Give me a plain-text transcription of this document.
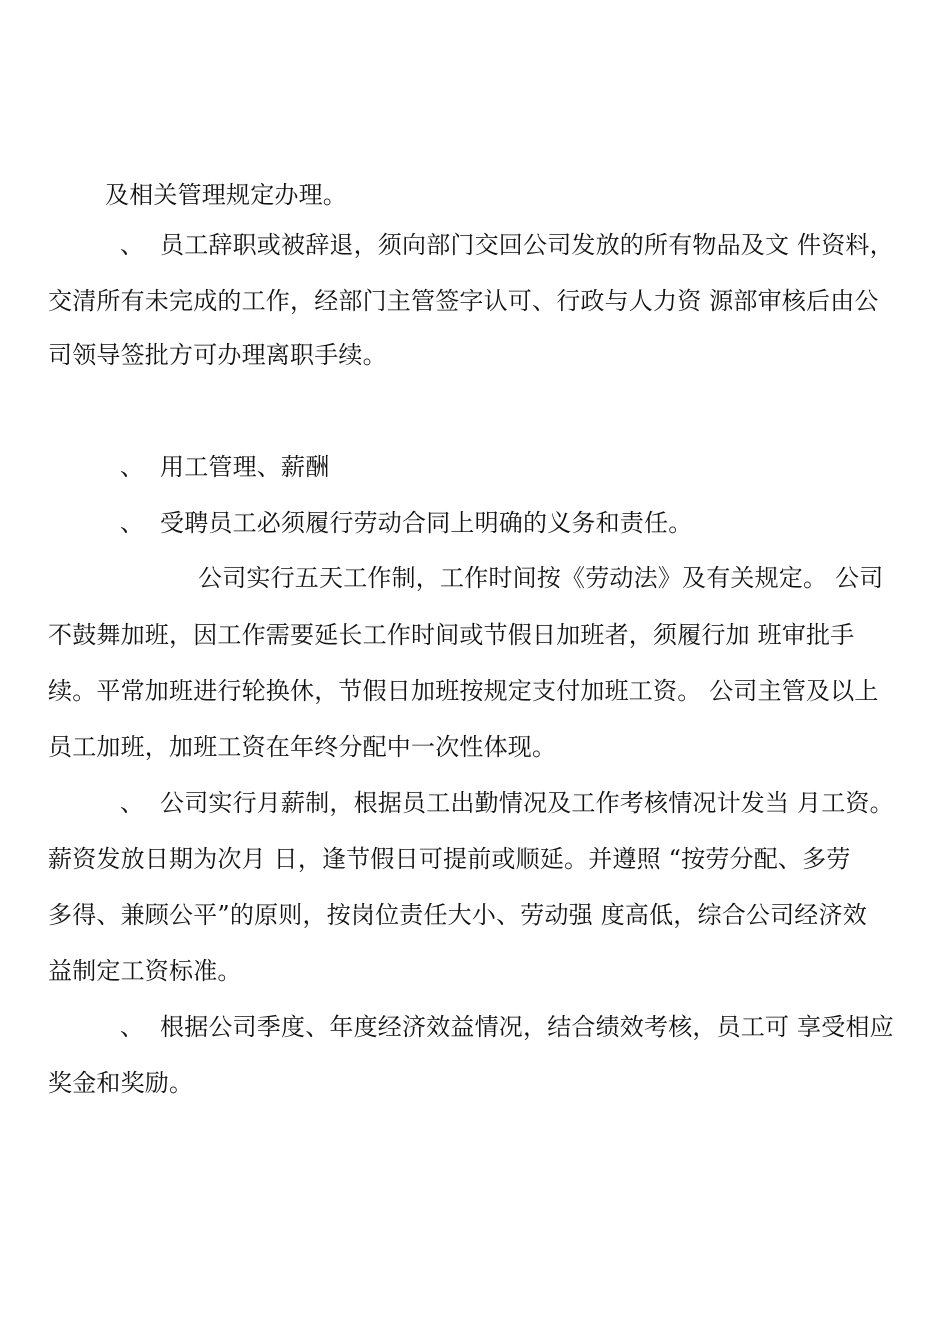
及相关管理规定办理。
、 员工辞职或被辞退，须向部门交回公司发放的所有物品及文 件资料，
交清所有未完成的工作，经部门主管签字认可、行政与人力资 源部审核后由公
司领导签批方可办理离职手续。
、 用工管理、薪酬
、 受聘员工必须履行劳动合同上明确的义务和责任。
公司实行五天工作制，工作时间按《劳动法》及有关规定。 公司
不鼓舞加班，因工作需要延长工作时间或节假日加班者，须履行加 班审批手
续。平常加班进行轮换休，节假日加班按规定支付加班工资。 公司主管及以上
员工加班，加班工资在年终分配中一次性体现。
、 公司实行月薪制，根据员工出勤情况及工作考核情况计发当 月工资。
薪资发放日期为次月 日，逢节假日可提前或顺延。并遵照 “按劳分配、多劳
多得、兼顾公平”的原则，按岗位责任大小、劳动强 度高低，综合公司经济效
益制定工资标准。
、 根据公司季度、年度经济效益情况，结合绩效考核，员工可 享受相应
奖金和奖励。
